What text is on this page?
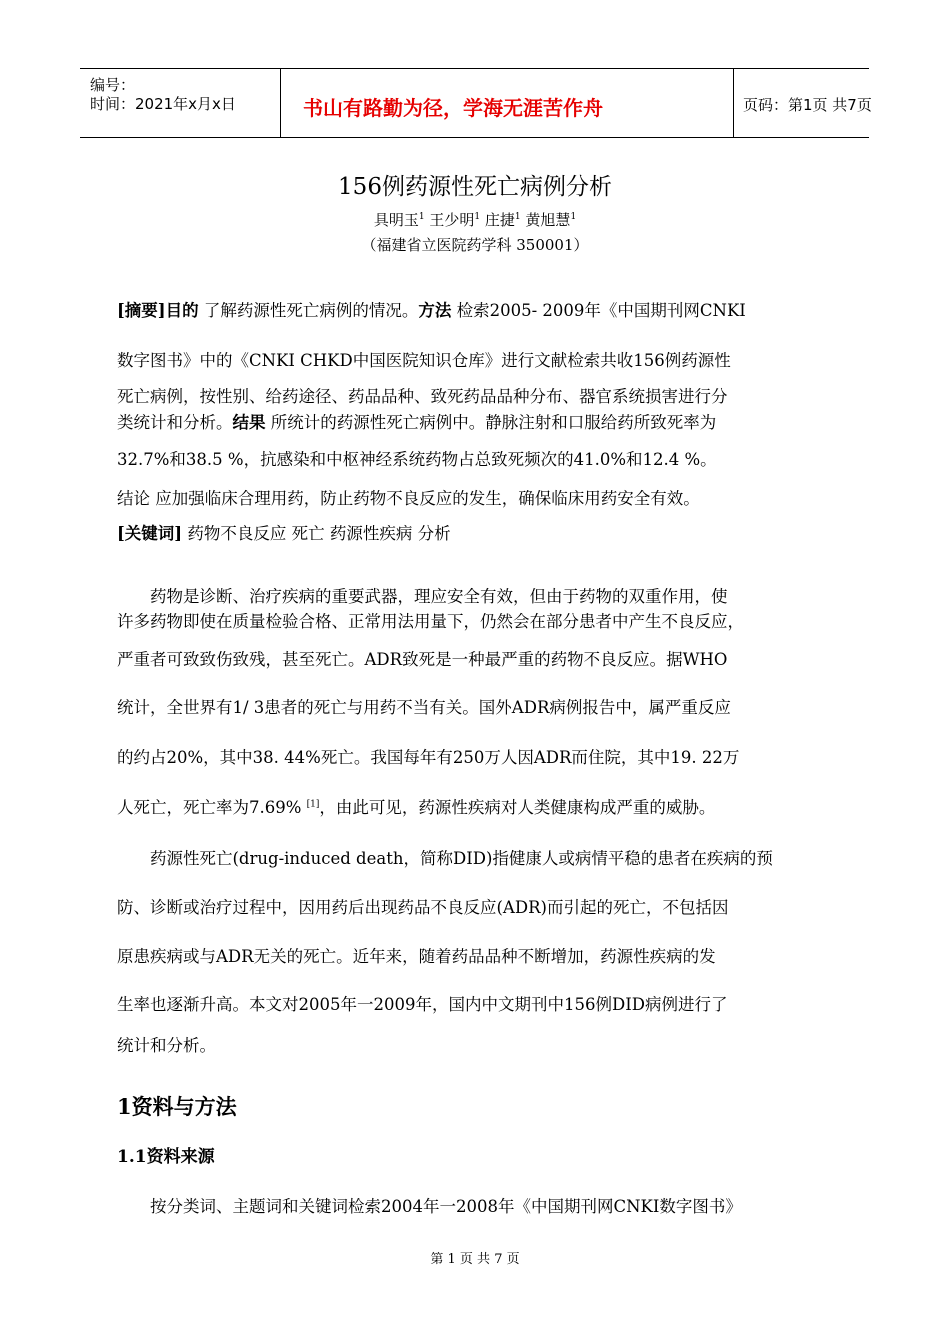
编号：
时间：2021年x月x日	书山有路勤为径，学海无涯苦作舟	页码：第1页 共7页
156例药源性死亡病例分析
具明玉$^1$ 王少明$^1$ 庄捷$^1$ 黄旭慧$^1$
（福建省立医院药学科 350001）
[摘要]目的 了解药源性死亡病例的情况。方法 检索2005- 2009年《中国期刊网CNKI
数字图书》中的《CNKI CHKD中国医院知识仓库》进行文献检索共收156例药源性
死亡病例，按性别、给药途径、药品品种、致死药品品种分布、器官系统损害进行分
类统计和分析。结果 所统计的药源性死亡病例中。静脉注射和口服给药所致死率为
32.7%和38.5 %，抗感染和中枢神经系统药物占总致死频次的41.0%和12.4 %。
结论 应加强临床合理用药，防止药物不良反应的发生，确保临床用药安全有效。
[关键词] 药物不良反应 死亡 药源性疾病 分析
药物是诊断、治疗疾病的重要武器，理应安全有效，但由于药物的双重作用，使
许多药物即使在质量检验合格、正常用法用量下，仍然会在部分患者中产生不良反应，
严重者可致致伤致残，甚至死亡。ADR致死是一种最严重的药物不良反应。据WHO
统计，全世界有1/ 3患者的死亡与用药不当有关。国外ADR病例报告中，属严重反应
的约占20%，其中38. 44%死亡。我国每年有250万人因ADR而住院，其中19. 22万
人死亡，死亡率为7.69% [1]，由此可见，药源性疾病对人类健康构成严重的威胁。
药源性死亡(drug-induced death，简称DID)指健康人或病情平稳的患者在疾病的预
防、诊断或治疗过程中，因用药后出现药品不良反应(ADR)而引起的死亡，不包括因
原患疾病或与ADR无关的死亡。近年来，随着药品品种不断增加，药源性疾病的发
生率也逐渐升高。本文对2005年一2009年，国内中文期刊中156例DID病例进行了
统计和分析。
1资料与方法
1.1资料来源
按分类词、主题词和关键词检索2004年一2008年《中国期刊网CNKI数字图书》
第 1 页 共 7 页
